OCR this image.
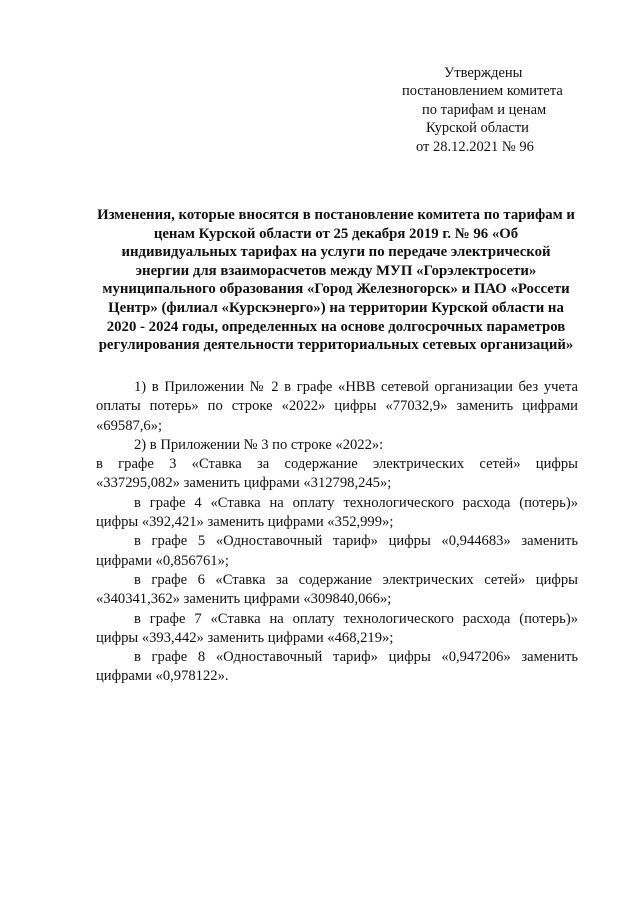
Утверждены
постановлением комитета
по тарифам и ценам
Курской области
от 28.12.2021 № 96
Изменения, которые вносятся в постановление комитета по тарифам и
ценам Курской области от 25 декабря 2019 г. № 96 «Об
индивидуальных тарифах на услуги по передаче электрической
энергии для взаиморасчетов между МУП «Горэлектросети»
муниципального образования «Город Железногорск» и ПАО «Россети
Центр» (филиал «Курскэнерго») на территории Курской области на
2020 - 2024 годы, определенных на основе долгосрочных параметров
регулирования деятельности территориальных сетевых организаций»
1) в Приложении № 2 в графе «НВВ сетевой организации без учета оплаты потерь» по строке «2022» цифры «77032,9» заменить цифрами «69587,6»;
2) в Приложении № 3 по строке «2022»:
в графе 3 «Ставка за содержание электрических сетей» цифры
«337295,082» заменить цифрами «312798,245»;
в графе 4 «Ставка на оплату технологического расхода (потерь)» цифры «392,421» заменить цифрами «352,999»;
в графе 5 «Одноставочный тариф» цифры «0,944683» заменить цифрами «0,856761»;
в графе 6 «Ставка за содержание электрических сетей» цифры «340341,362» заменить цифрами «309840,066»;
в графе 7 «Ставка на оплату технологического расхода (потерь)» цифры «393,442» заменить цифрами «468,219»;
в графе 8 «Одноставочный тариф» цифры «0,947206» заменить цифрами «0,978122».
